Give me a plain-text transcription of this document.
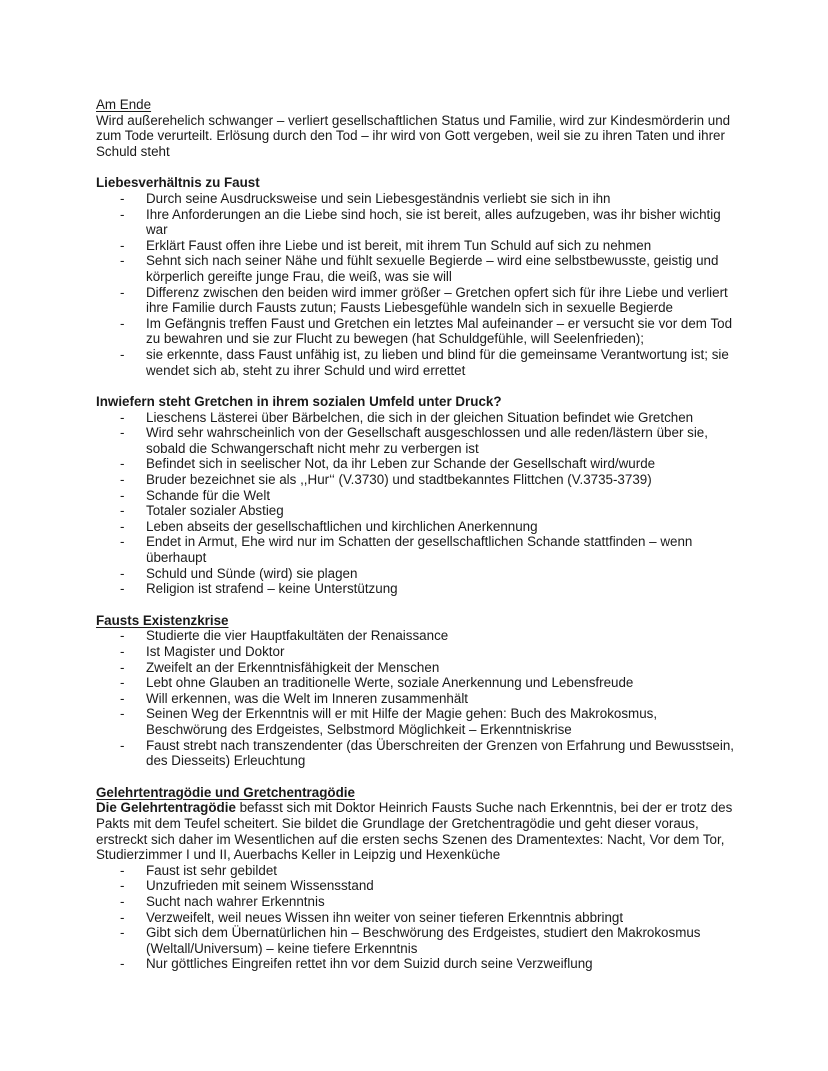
Am Ende

Wird außerehelich schwanger – verliert gesellschaftlichen Status und Familie, wird zur Kindesmörderin und zum Tode verurteilt. Erlösung durch den Tod – ihr wird von Gott vergeben, weil sie zu ihren Taten und ihrer Schuld steht

Liebesverhältnis zu Faust
- Durch seine Ausdrucksweise und sein Liebesgeständnis verliebt sie sich in ihn
- Ihre Anforderungen an die Liebe sind hoch, sie ist bereit, alles aufzugeben, was ihr bisher wichtig war
- Erklärt Faust offen ihre Liebe und ist bereit, mit ihrem Tun Schuld auf sich zu nehmen
- Sehnt sich nach seiner Nähe und fühlt sexuelle Begierde – wird eine selbstbewusste, geistig und körperlich gereifte junge Frau, die weiß, was sie will
- Differenz zwischen den beiden wird immer größer – Gretchen opfert sich für ihre Liebe und verliert ihre Familie durch Fausts zutun; Fausts Liebesgefühle wandeln sich in sexuelle Begierde
- Im Gefängnis treffen Faust und Gretchen ein letztes Mal aufeinander – er versucht sie vor dem Tod zu bewahren und sie zur Flucht zu bewegen (hat Schuldgefühle, will Seelenfrieden);
- sie erkennte, dass Faust unfähig ist, zu lieben und blind für die gemeinsame Verantwortung ist; sie wendet sich ab, steht zu ihrer Schuld und wird errettet
Inwiefern steht Gretchen in ihrem sozialen Umfeld unter Druck?
- Lieschens Lästerei über Bärbelchen, die sich in der gleichen Situation befindet wie Gretchen
- Wird sehr wahrscheinlich von der Gesellschaft ausgeschlossen und alle reden/lästern über sie, sobald die Schwangerschaft nicht mehr zu verbergen ist
- Befindet sich in seelischer Not, da ihr Leben zur Schande der Gesellschaft wird/wurde
- Bruder bezeichnet sie als ,,Hur‘‘ (V.3730) und stadtbekanntes Flittchen (V.3735-3739)
- Schande für die Welt
- Totaler sozialer Abstieg
- Leben abseits der gesellschaftlichen und kirchlichen Anerkennung
- Endet in Armut, Ehe wird nur im Schatten der gesellschaftlichen Schande stattfinden – wenn überhaupt
- Schuld und Sünde (wird) sie plagen
- Religion ist strafend – keine Unterstützung
Fausts Existenzkrise
- Studierte die vier Hauptfakultäten der Renaissance
- Ist Magister und Doktor
- Zweifelt an der Erkenntnisfähigkeit der Menschen
- Lebt ohne Glauben an traditionelle Werte, soziale Anerkennung und Lebensfreude
- Will erkennen, was die Welt im Inneren zusammenhält
- Seinen Weg der Erkenntnis will er mit Hilfe der Magie gehen: Buch des Makrokosmus, Beschwörung des Erdgeistes, Selbstmord Möglichkeit – Erkenntniskrise
- Faust strebt nach transzendenter (das Überschreiten der Grenzen von Erfahrung und Bewusstsein, des Diesseits) Erleuchtung
Gelehrtentragödie und Gretchentragödie

Die Gelehrtentragödie befasst sich mit Doktor Heinrich Fausts Suche nach Erkenntnis, bei der er trotz des Pakts mit dem Teufel scheitert. Sie bildet die Grundlage der Gretchentragödie und geht dieser voraus, erstreckt sich daher im Wesentlichen auf die ersten sechs Szenen des Dramentextes: Nacht, Vor dem Tor, Studierzimmer I und II, Auerbachs Keller in Leipzig und Hexenküche

- Faust ist sehr gebildet
- Unzufrieden mit seinem Wissensstand
- Sucht nach wahrer Erkenntnis
- Verzweifelt, weil neues Wissen ihn weiter von seiner tieferen Erkenntnis abbringt
- Gibt sich dem Übernatürlichen hin – Beschwörung des Erdgeistes, studiert den Makrokosmus (Weltall/Universum) – keine tiefere Erkenntnis
- Nur göttliches Eingreifen rettet ihn vor dem Suizid durch seine Verzweiflung
